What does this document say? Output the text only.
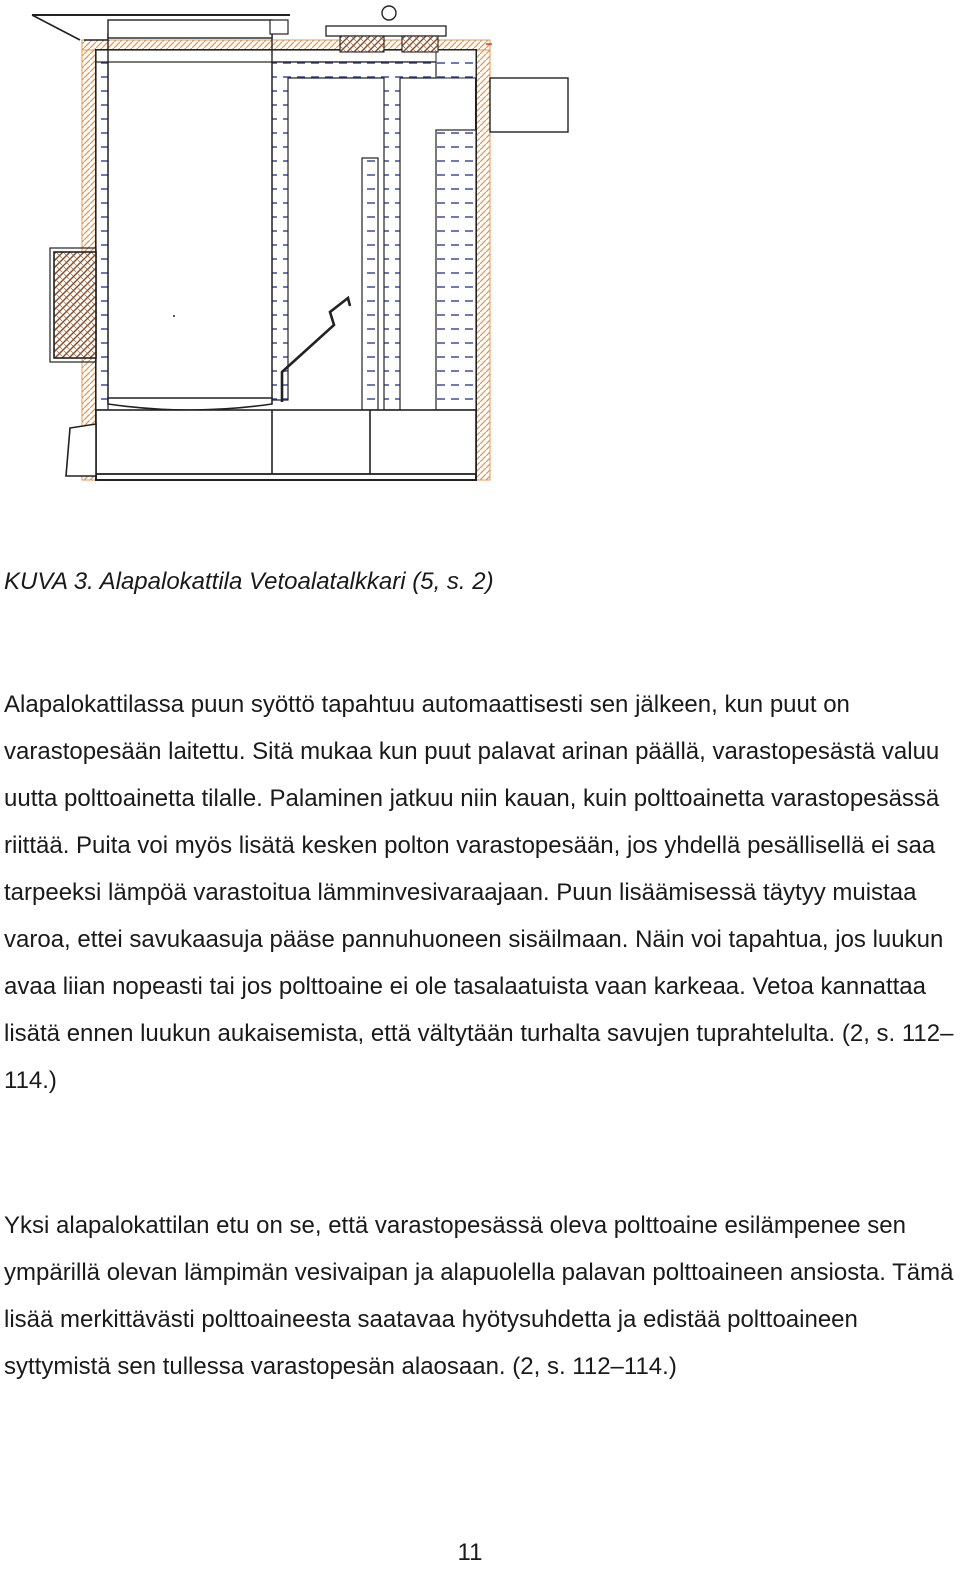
KUVA 3. Alapalokattila Vetoalatalkkari (5, s. 2)

Alapalokattilassa puun syöttö tapahtuu automaattisesti sen jälkeen, kun puut on varastopesään laitettu. Sitä mukaa kun puut palavat arinan päällä, varastopesästä valuu uutta polttoainetta tilalle. Palaminen jatkuu niin kauan, kuin polttoainetta varastopesässä riittää. Puita voi myös lisätä kesken polton varastopesään, jos yhdellä pesällisellä ei saa tarpeeksi lämpöä varastoitua lämminvesivaraajaan. Puun lisäämisessä täytyy muistaa varoa, ettei savukaasuja pääse pannuhuoneen sisäilmaan. Näin voi tapahtua, jos luukun avaa liian nopeasti tai jos polttoaine ei ole tasalaatuista vaan karkeaa. Vetoa kannattaa lisätä ennen luukun aukaisemista, että vältytään turhalta savujen tuprahtelulta. (2, s. 112–114.)

Yksi alapalokattilan etu on se, että varastopesässä oleva polttoaine esilämpenee sen ympärillä olevan lämpimän vesivaipan ja alapuolella palavan polttoaineen ansiosta. Tämä lisää merkittävästi polttoaineesta saatavaa hyötysuhdetta ja edistää polttoaineen syttymistä sen tullessa varastopesän alaosaan. (2, s. 112–114.)

11
